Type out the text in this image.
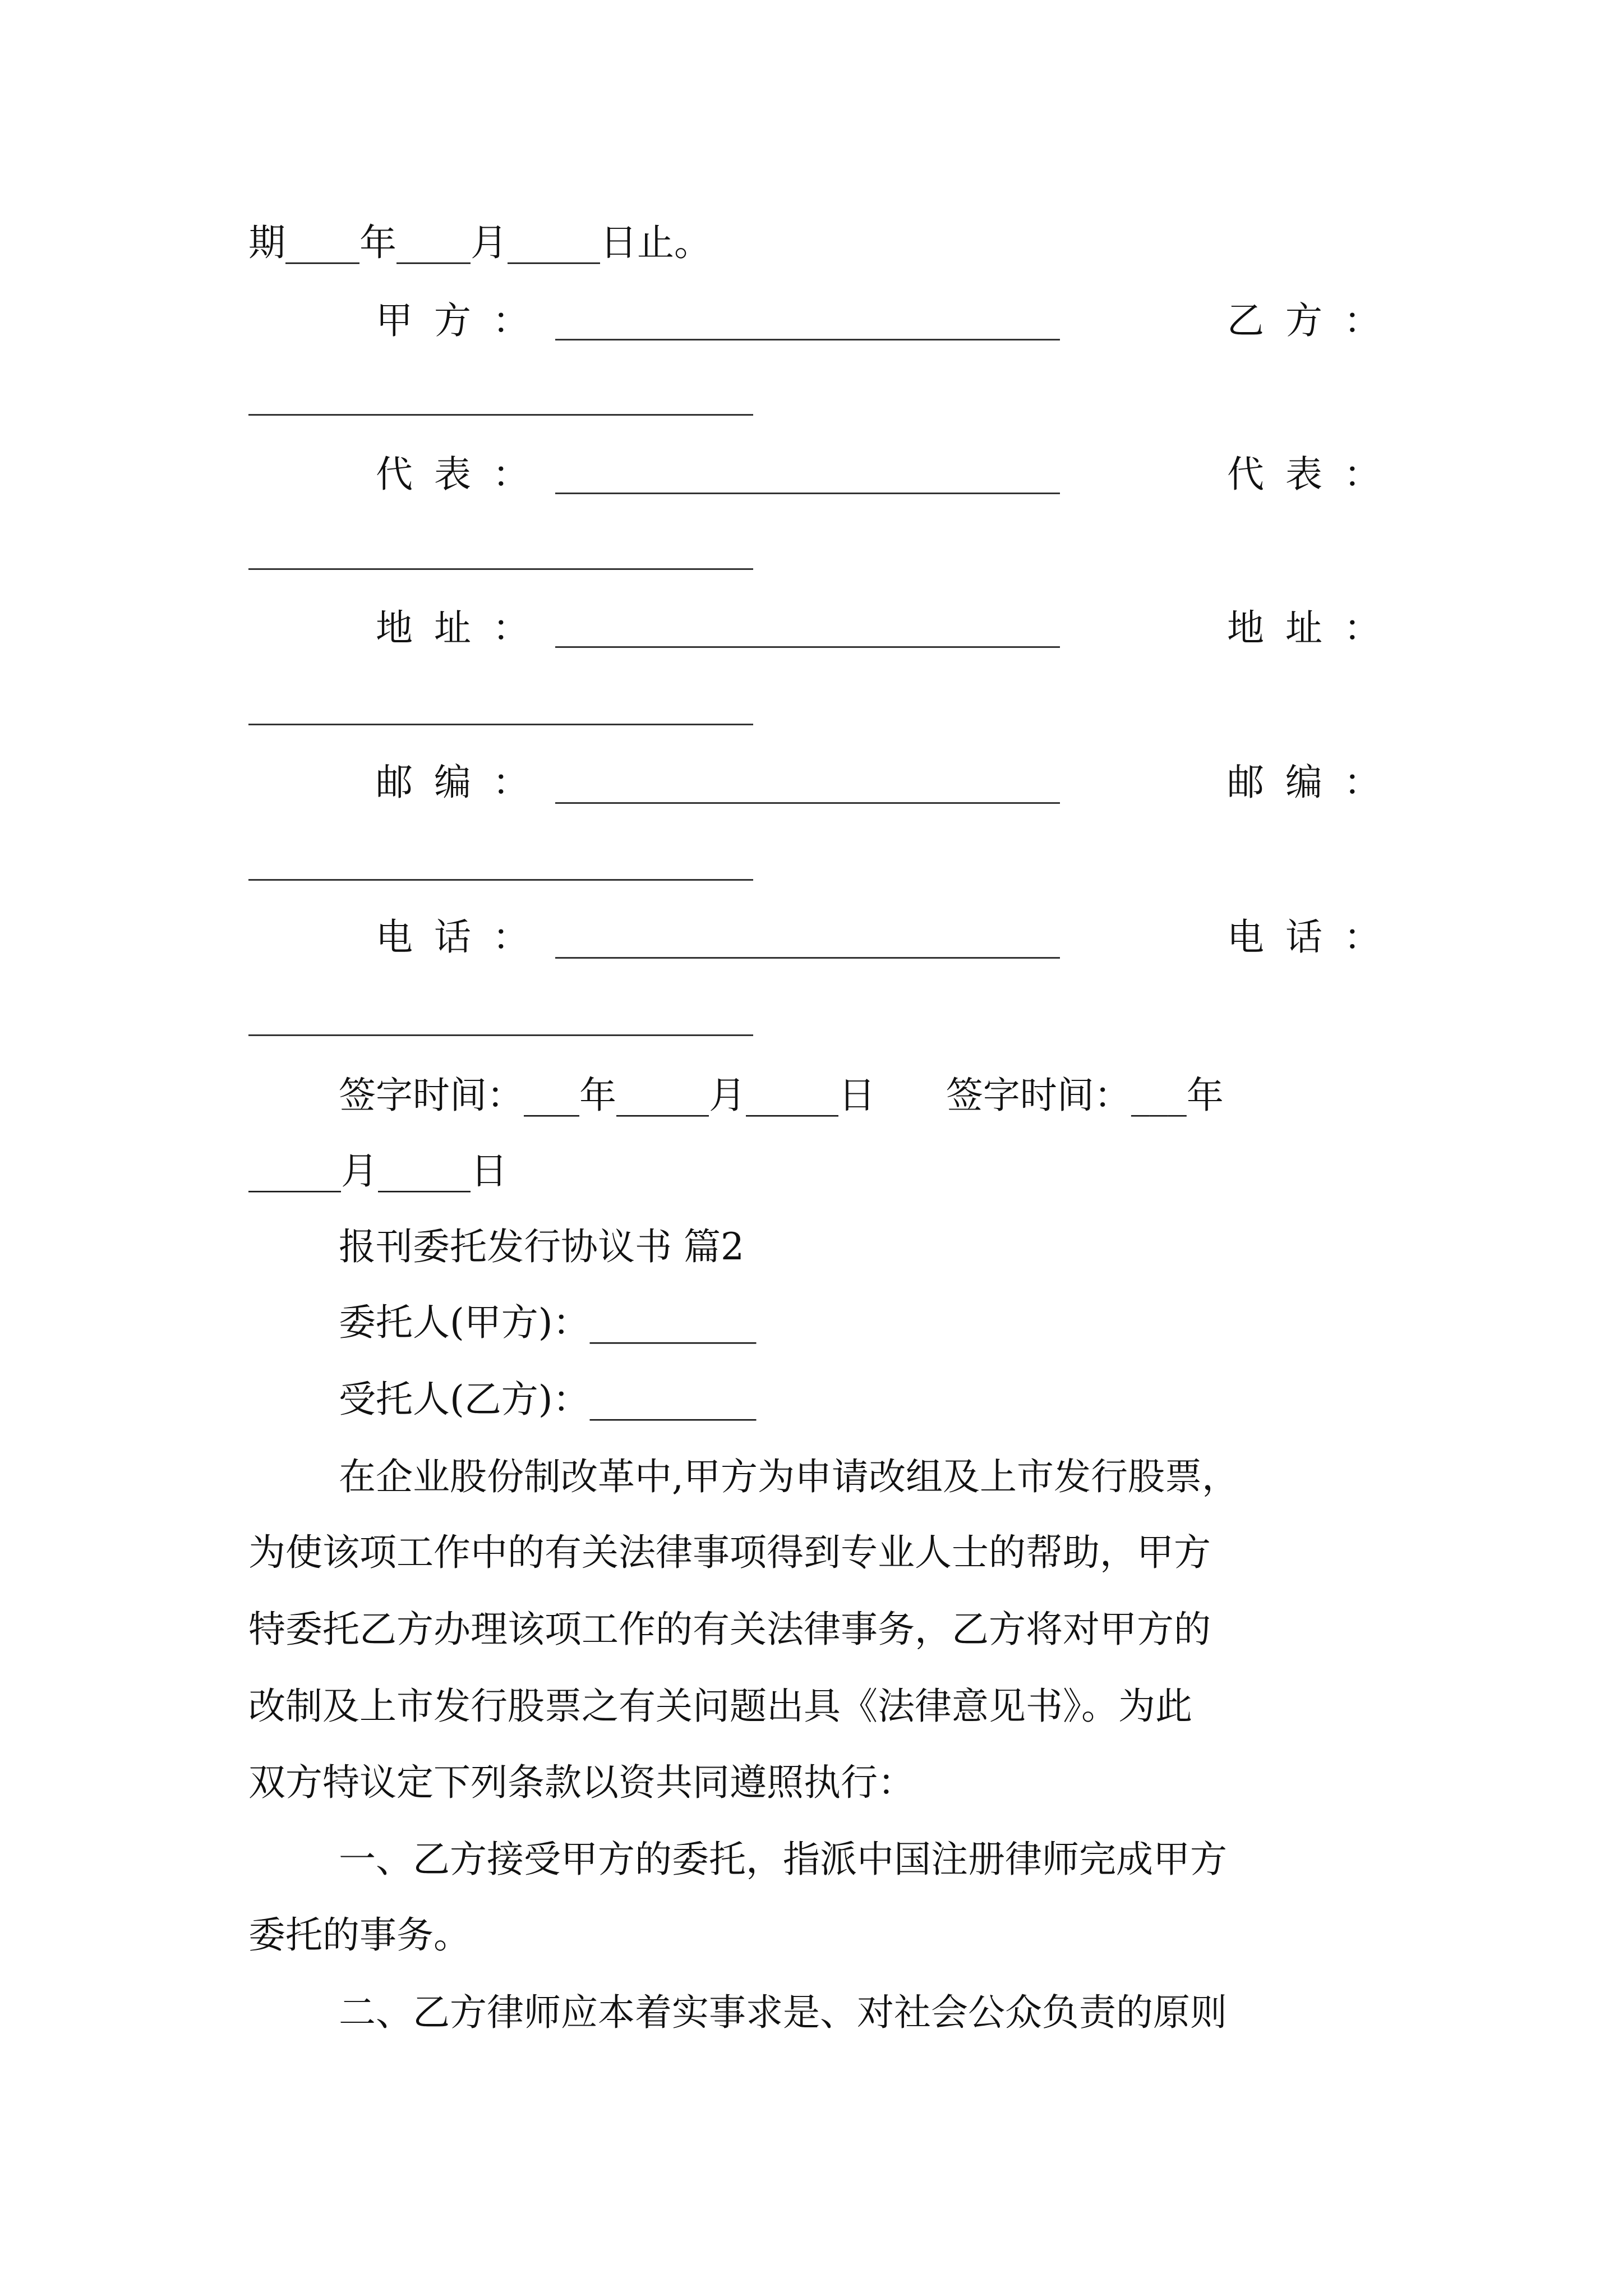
期____年____月_____日止。
甲方：	乙方：
代表：	代表：
地址：	地址：
邮编：	邮编：
电话：	电话：
签字时间：___年_____月_____日      签字时间：___年
_____月_____日
报刊委托发行协议书 篇2
委托人(甲方)：_________
受托人(乙方)：_________
在企业股份制改革中,甲方为申请改组及上市发行股票，
为使该项工作中的有关法律事项得到专业人士的帮助，甲方
特委托乙方办理该项工作的有关法律事务，乙方将对甲方的
改制及上市发行股票之有关问题出具《法律意见书》。为此
双方特议定下列条款以资共同遵照执行：
一、乙方接受甲方的委托，指派中国注册律师完成甲方
委托的事务。
二、乙方律师应本着实事求是、对社会公众负责的原则
